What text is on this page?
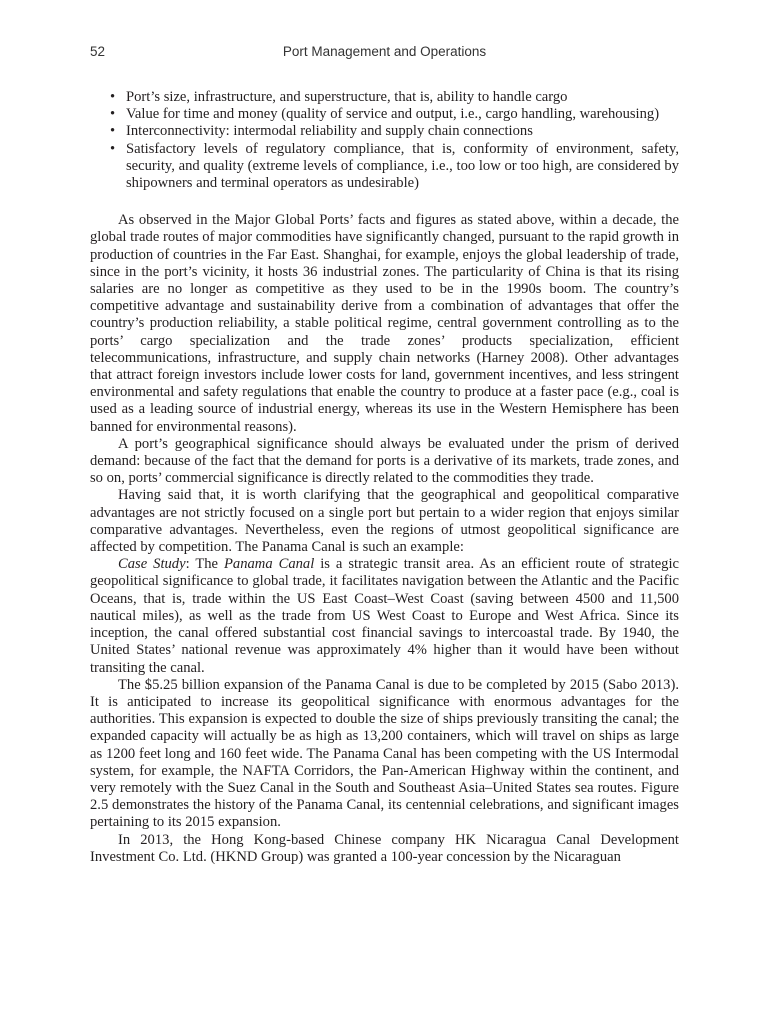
52	Port Management and Operations
• Port’s size, infrastructure, and superstructure, that is, ability to handle cargo
• Value for time and money (quality of service and output, i.e., cargo handling, warehousing)
• Interconnectivity: intermodal reliability and supply chain connections
• Satisfactory levels of regulatory compliance, that is, conformity of environment, safety, security, and quality (extreme levels of compliance, i.e., too low or too high, are considered by shipowners and terminal operators as undesirable)

As observed in the Major Global Ports’ facts and figures as stated above, within a decade, the global trade routes of major commodities have significantly changed, pursuant to the rapid growth in production of countries in the Far East. Shanghai, for example, enjoys the global leadership of trade, since in the port’s vicinity, it hosts 36 industrial zones. The particularity of China is that its rising salaries are no longer as competitive as they used to be in the 1990s boom. The country’s competitive advantage and sustainability derive from a combination of advantages that offer the country’s production reliability, a stable political regime, central government controlling as to the ports’ cargo specialization and the trade zones’ products specialization, efficient telecommunications, infrastructure, and supply chain networks (Harney 2008). Other advantages that attract foreign investors include lower costs for land, government incentives, and less stringent environmental and safety regulations that enable the country to produce at a faster pace (e.g., coal is used as a leading source of industrial energy, whereas its use in the Western Hemisphere has been banned for environmental reasons).

A port’s geographical significance should always be evaluated under the prism of derived demand: because of the fact that the demand for ports is a derivative of its markets, trade zones, and so on, ports’ commercial significance is directly related to the commodities they trade.

Having said that, it is worth clarifying that the geographical and geopolitical comparative advantages are not strictly focused on a single port but pertain to a wider region that enjoys similar comparative advantages. Nevertheless, even the regions of utmost geopolitical significance are affected by competition. The Panama Canal is such an example:

Case Study: The Panama Canal is a strategic transit area. As an efficient route of strategic geopolitical significance to global trade, it facilitates navigation between the Atlantic and the Pacific Oceans, that is, trade within the US East Coast–West Coast (saving between 4500 and 11,500 nautical miles), as well as the trade from US West Coast to Europe and West Africa. Since its inception, the canal offered substantial cost financial savings to intercoastal trade. By 1940, the United States’ national revenue was approximately 4% higher than it would have been without transiting the canal.

The $5.25 billion expansion of the Panama Canal is due to be completed by 2015 (Sabo 2013). It is anticipated to increase its geopolitical significance with enormous advantages for the authorities. This expansion is expected to double the size of ships previously transiting the canal; the expanded capacity will actually be as high as 13,200 containers, which will travel on ships as large as 1200 feet long and 160 feet wide. The Panama Canal has been competing with the US Intermodal system, for example, the NAFTA Corridors, the Pan-American Highway within the continent, and very remotely with the Suez Canal in the South and Southeast Asia–United States sea routes. Figure 2.5 demonstrates the history of the Panama Canal, its centennial celebrations, and significant images pertaining to its 2015 expansion.

In 2013, the Hong Kong-based Chinese company HK Nicaragua Canal Development Investment Co. Ltd. (HKND Group) was granted a 100-year concession by the Nicaraguan
